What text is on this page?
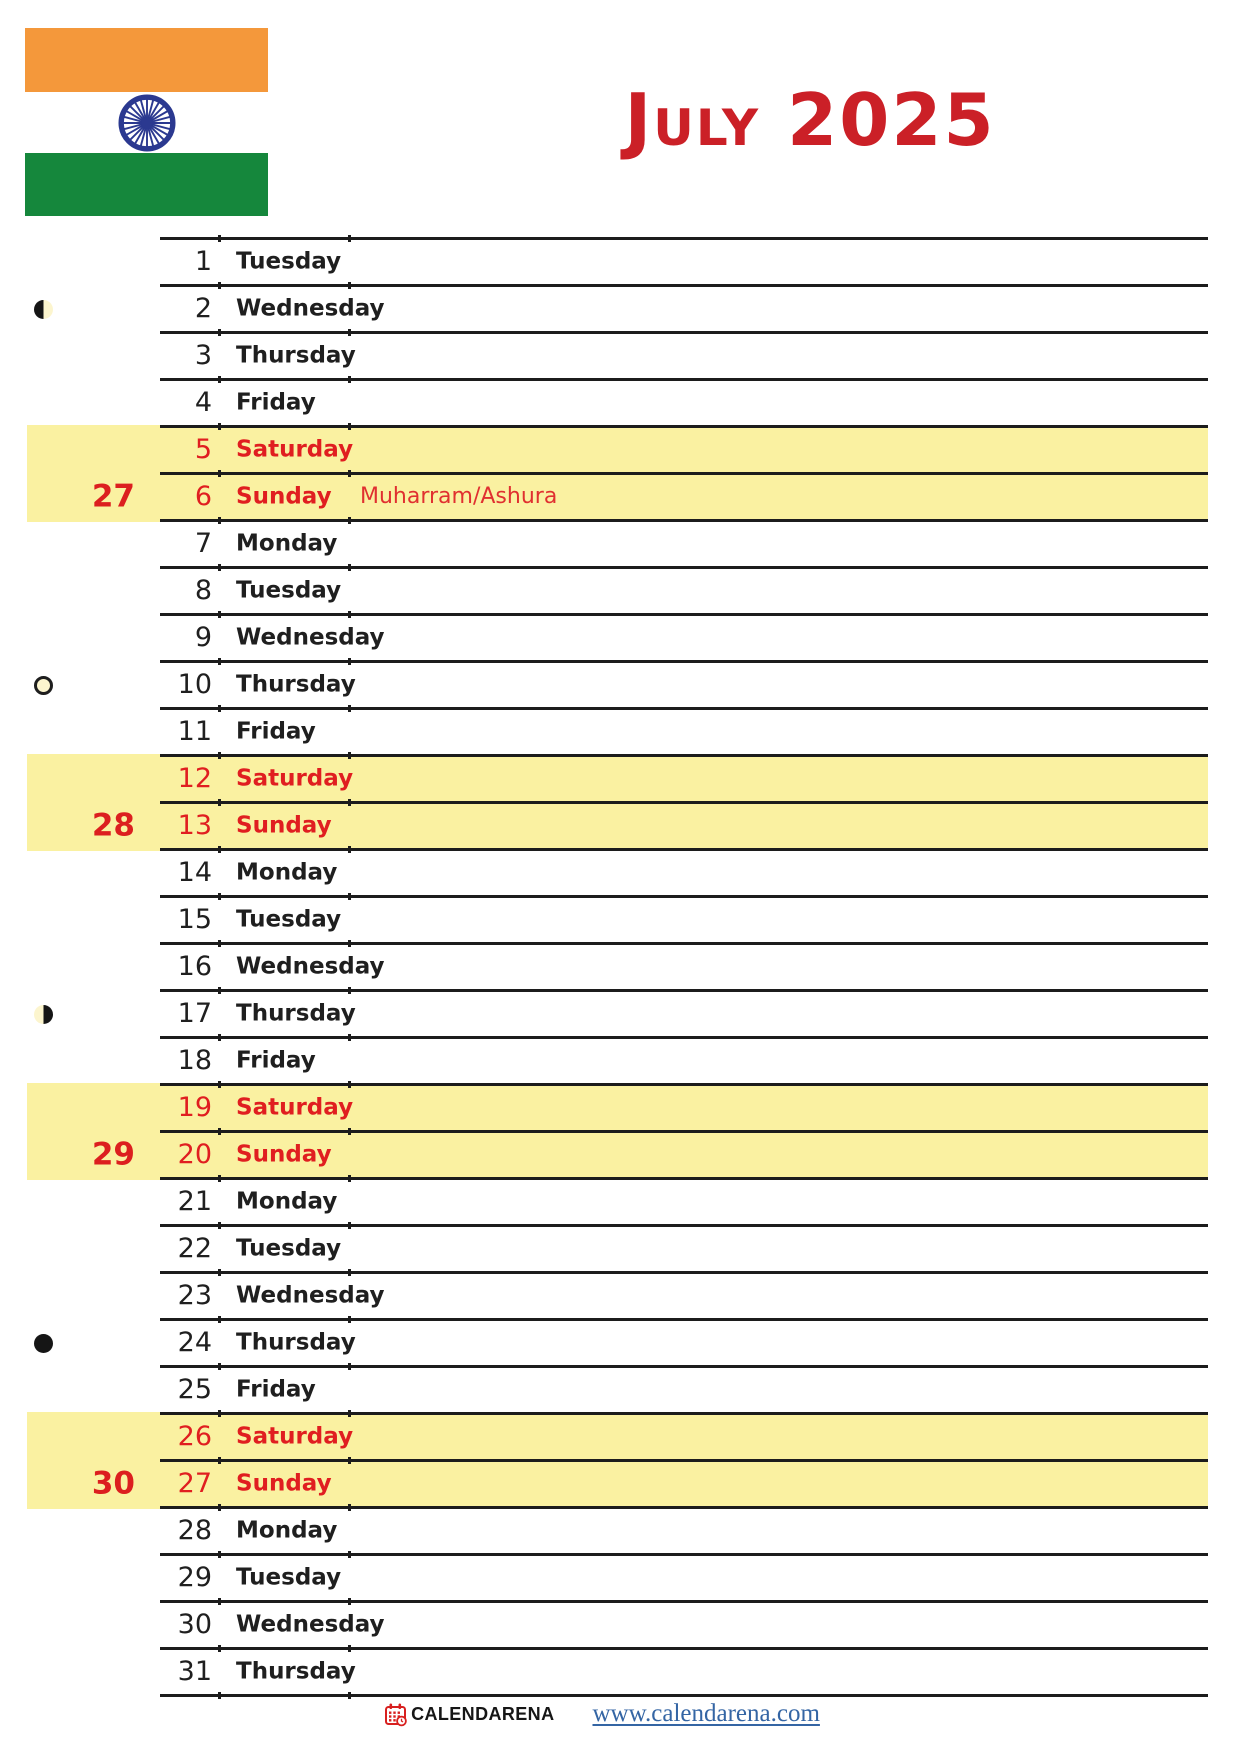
July 2025
1 Tuesday
2 Wednesday
3 Thursday
4 Friday
5 Saturday
27	6 Sunday Muharram/Ashura
7 Monday
8 Tuesday
9 Wednesday
10 Thursday
11 Friday
12 Saturday
28	13 Sunday
14 Monday
15 Tuesday
16 Wednesday
17 Thursday
18 Friday
19 Saturday
29	20 Sunday
21 Monday
22 Tuesday
23 Wednesday
24 Thursday
25 Friday
26 Saturday
30	27 Sunday
28 Monday
29 Tuesday
30 Wednesday
31 Thursday
CALENDARENA www.calendarena.com
